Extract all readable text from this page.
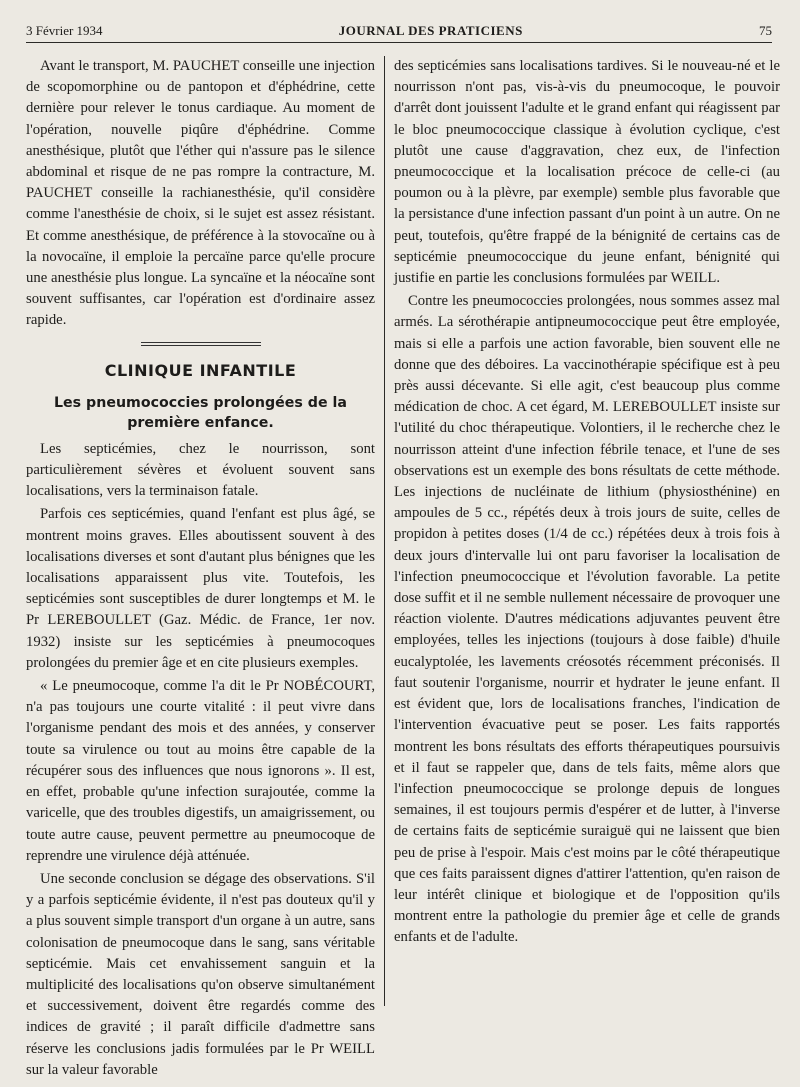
3 Février 1934	JOURNAL DES PRATICIENS	75

Avant le transport, M. PAUCHET conseille une injection de scopomorphine ou de pantopon et d'éphédrine, cette dernière pour relever le tonus cardiaque. Au moment de l'opération, nouvelle piqûre d'éphédrine. Comme anesthésique, plutôt que l'éther qui n'assure pas le silence abdominal et risque de ne pas rompre la contracture, M. PAUCHET conseille la rachianesthésie, qu'il considère comme l'anesthésie de choix, si le sujet est assez résistant. Et comme anesthésique, de préférence à la stovocaïne ou à la novocaïne, il emploie la percaïne parce qu'elle procure une anesthésie plus longue. La syncaïne et la néocaïne sont souvent suffisantes, car l'opération est d'ordinaire assez rapide.

CLINIQUE INFANTILE
Les pneumococcies prolongées de la première enfance.

Les septicémies, chez le nourrisson, sont particulièrement sévères et évoluent souvent sans localisations, vers la terminaison fatale.

Parfois ces septicémies, quand l'enfant est plus âgé, se montrent moins graves. Elles aboutissent souvent à des localisations diverses et sont d'autant plus bénignes que les localisations apparaissent plus vite. Toutefois, les septicémies sont susceptibles de durer longtemps et M. le Pr LEREBOULLET (Gaz. Médic. de France, 1er nov. 1932) insiste sur les septicémies à pneumocoques prolongées du premier âge et en cite plusieurs exemples.

« Le pneumocoque, comme l'a dit le Pr NOBÉCOURT, n'a pas toujours une courte vitalité : il peut vivre dans l'organisme pendant des mois et des années, y conserver toute sa virulence ou tout au moins être capable de la récupérer sous des influences que nous ignorons ». Il est, en effet, probable qu'une infection surajoutée, comme la varicelle, que des troubles digestifs, un amaigrissement, ou toute autre cause, peuvent permettre au pneumocoque de reprendre une virulence déjà atténuée.

Une seconde conclusion se dégage des observations. S'il y a parfois septicémie évidente, il n'est pas douteux qu'il y a plus souvent simple transport d'un organe à un autre, sans colonisation de pneumocoque dans le sang, sans véritable septicémie. Mais cet envahissement sanguin et la multiplicité des localisations qu'on observe simultanément et successivement, doivent être regardés comme des indices de gravité ; il paraît difficile d'admettre sans réserve les conclusions jadis formulées par le Pr WEILL sur la valeur favorable

des septicémies sans localisations tardives. Si le nouveau-né et le nourrisson n'ont pas, vis-à-vis du pneumocoque, le pouvoir d'arrêt dont jouissent l'adulte et le grand enfant qui réagissent par le bloc pneumococcique classique à évolution cyclique, c'est plutôt une cause d'aggravation, chez eux, de l'infection pneumococcique et la localisation précoce de celle-ci (au poumon ou à la plèvre, par exemple) semble plus favorable que la persistance d'une infection passant d'un point à un autre. On ne peut, toutefois, qu'être frappé de la bénignité de certains cas de septicémie pneumococcique du jeune enfant, bénignité qui justifie en partie les conclusions formulées par WEILL.

Contre les pneumococcies prolongées, nous sommes assez mal armés. La sérothérapie antipneumococcique peut être employée, mais si elle a parfois une action favorable, bien souvent elle ne donne que des déboires. La vaccinothérapie spécifique est à peu près aussi décevante. Si elle agit, c'est beaucoup plus comme médication de choc. A cet égard, M. LEREBOULLET insiste sur l'utilité du choc thérapeutique. Volontiers, il le recherche chez le nourrisson atteint d'une infection fébrile tenace, et l'une de ses observations est un exemple des bons résultats de cette méthode. Les injections de nucléinate de lithium (physiosthénine) en ampoules de 5 cc., répétés deux à trois jours de suite, celles de propidon à petites doses (1/4 de cc.) répétées deux à trois fois à deux jours d'intervalle lui ont paru favoriser la localisation de l'infection pneumococcique et l'évolution favorable. La petite dose suffit et il ne semble nullement nécessaire de provoquer une réaction violente. D'autres médications adjuvantes peuvent être employées, telles les injections (toujours à dose faible) d'huile eucalyptolée, les lavements créosotés récemment préconisés. Il faut soutenir l'organisme, nourrir et hydrater le jeune enfant. Il est évident que, lors de localisations franches, l'indication de l'intervention évacuative peut se poser. Les faits rapportés montrent les bons résultats des efforts thérapeutiques poursuivis et il faut se rappeler que, dans de tels faits, même alors que l'infection pneumococcique se prolonge depuis de longues semaines, il est toujours permis d'espérer et de lutter, à l'inverse de certains faits de septicémie suraiguë qui ne laissent que bien peu de prise à l'espoir. Mais c'est moins par le côté thérapeutique que ces faits paraissent dignes d'attirer l'attention, qu'en raison de leur intérêt clinique et biologique et de l'opposition qu'ils montrent entre la pathologie du premier âge et celle de grands enfants et de l'adulte.
